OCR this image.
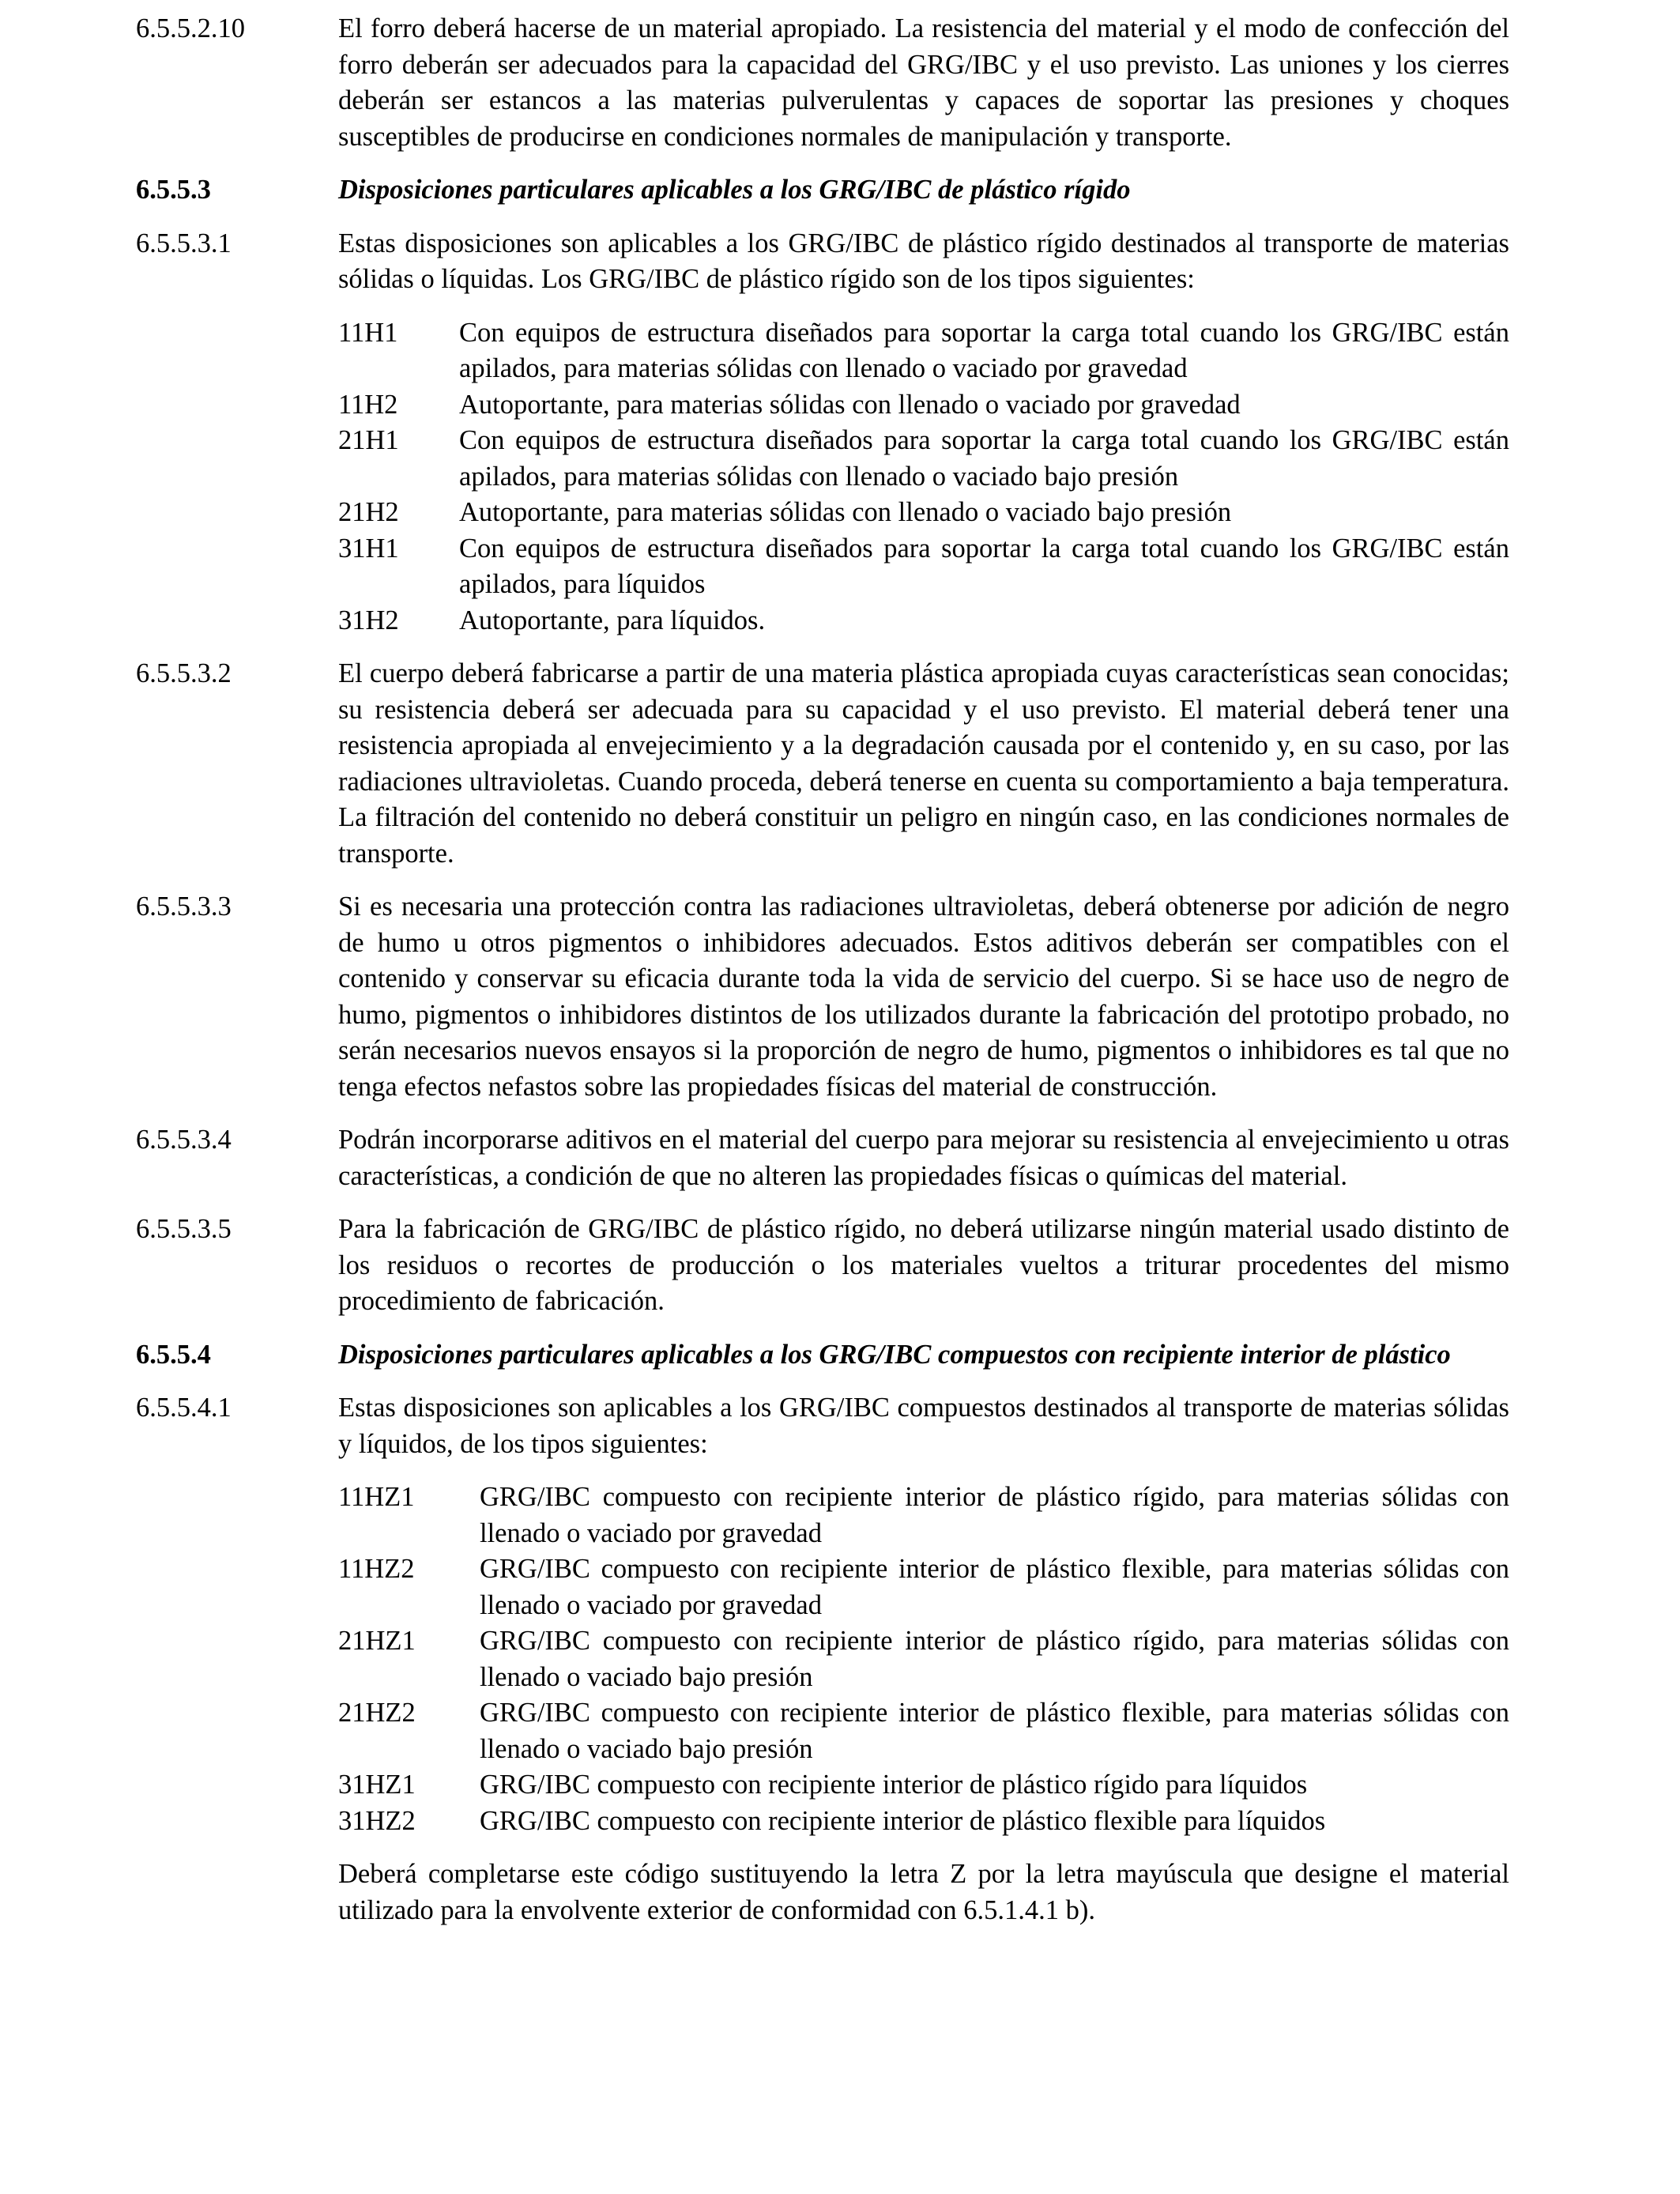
6.5.5.2.10	El forro deberá hacerse de un material apropiado. La resistencia del material y el modo de confección del forro deberán ser adecuados para la capacidad del GRG/IBC y el uso previsto. Las uniones y los cierres deberán ser estancos a las materias pulverulentas y capaces de soportar las presiones y choques susceptibles de producirse en condiciones normales de manipulación y transporte.

6.5.5.3	Disposiciones particulares aplicables a los GRG/IBC de plástico rígido
6.5.5.3.1	Estas disposiciones son aplicables a los GRG/IBC de plástico rígido destinados al transporte de materias sólidas o líquidas. Los GRG/IBC de plástico rígido son de los tipos siguientes:

11H1	Con equipos de estructura diseñados para soportar la carga total cuando los GRG/IBC están apilados, para materias sólidas con llenado o vaciado por gravedad
11H2	Autoportante, para materias sólidas con llenado o vaciado por gravedad
21H1	Con equipos de estructura diseñados para soportar la carga total cuando los GRG/IBC están apilados, para materias sólidas con llenado o vaciado bajo presión
21H2	Autoportante, para materias sólidas con llenado o vaciado bajo presión
31H1	Con equipos de estructura diseñados para soportar la carga total cuando los GRG/IBC están apilados, para líquidos
31H2	Autoportante, para líquidos.
6.5.5.3.2	El cuerpo deberá fabricarse a partir de una materia plástica apropiada cuyas características sean conocidas; su resistencia deberá ser adecuada para su capacidad y el uso previsto. El material deberá tener una resistencia apropiada al envejecimiento y a la degradación causada por el contenido y, en su caso, por las radiaciones ultravioletas. Cuando proceda, deberá tenerse en cuenta su comportamiento a baja temperatura. La filtración del contenido no deberá constituir un peligro en ningún caso, en las condiciones normales de transporte.

6.5.5.3.3	Si es necesaria una protección contra las radiaciones ultravioletas, deberá obtenerse por adición de negro de humo u otros pigmentos o inhibidores adecuados. Estos aditivos deberán ser compatibles con el contenido y conservar su eficacia durante toda la vida de servicio del cuerpo. Si se hace uso de negro de humo, pigmentos o inhibidores distintos de los utilizados durante la fabricación del prototipo probado, no serán necesarios nuevos ensayos si la proporción de negro de humo, pigmentos o inhibidores es tal que no tenga efectos nefastos sobre las propiedades físicas del material de construcción.

6.5.5.3.4	Podrán incorporarse aditivos en el material del cuerpo para mejorar su resistencia al envejecimiento u otras características, a condición de que no alteren las propiedades físicas o químicas del material.

6.5.5.3.5	Para la fabricación de GRG/IBC de plástico rígido, no deberá utilizarse ningún material usado distinto de los residuos o recortes de producción o los materiales vueltos a triturar procedentes del mismo procedimiento de fabricación.

6.5.5.4	Disposiciones particulares aplicables a los GRG/IBC compuestos con recipiente interior de plástico
6.5.5.4.1	Estas disposiciones son aplicables a los GRG/IBC compuestos destinados al transporte de materias sólidas y líquidos, de los tipos siguientes:

11HZ1	GRG/IBC compuesto con recipiente interior de plástico rígido, para materias sólidas con llenado o vaciado por gravedad
11HZ2	GRG/IBC compuesto con recipiente interior de plástico flexible, para materias sólidas con llenado o vaciado por gravedad
21HZ1	GRG/IBC compuesto con recipiente interior de plástico rígido, para materias sólidas con llenado o vaciado bajo presión
21HZ2	GRG/IBC compuesto con recipiente interior de plástico flexible, para materias sólidas con llenado o vaciado bajo presión
31HZ1	GRG/IBC compuesto con recipiente interior de plástico rígido para líquidos
31HZ2	GRG/IBC compuesto con recipiente interior de plástico flexible para líquidos

Deberá completarse este código sustituyendo la letra Z por la letra mayúscula que designe el material utilizado para la envolvente exterior de conformidad con 6.5.1.4.1 b).
